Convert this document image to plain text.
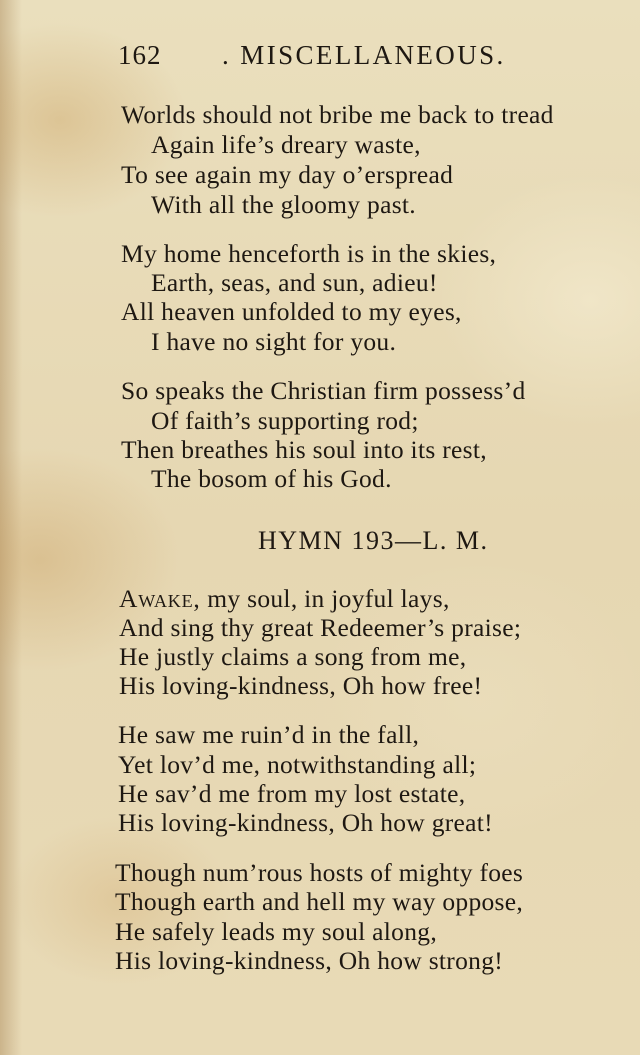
162 . MISCELLANEOUS.
Worlds should not bribe me back to tread
Again life’s dreary waste,
To see again my day o’erspread
With all the gloomy past.
My home henceforth is in the skies,
Earth, seas, and sun, adieu!
All heaven unfolded to my eyes,
I have no sight for you.
So speaks the Christian firm possess’d
Of faith’s supporting rod;
Then breathes his soul into its rest,
The bosom of his God.
HYMN 193—L. M.
Awake, my soul, in joyful lays,
And sing thy great Redeemer’s praise;
He justly claims a song from me,
His loving-kindness, Oh how free!
He saw me ruin’d in the fall,
Yet lov’d me, notwithstanding all;
He sav’d me from my lost estate,
His loving-kindness, Oh how great!
Though num’rous hosts of mighty foes
Though earth and hell my way oppose,
He safely leads my soul along,
His loving-kindness, Oh how strong!
